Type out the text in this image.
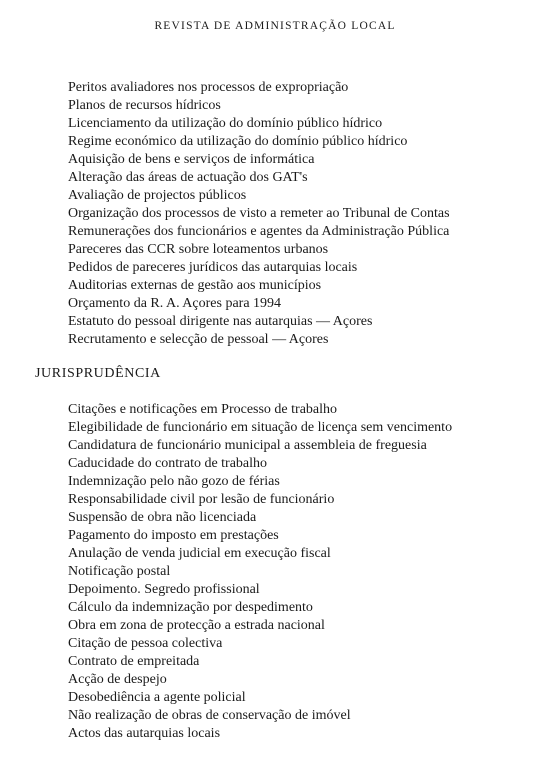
REVISTA DE ADMINISTRAÇÃO LOCAL
Peritos avaliadores nos processos de expropriação
Planos de recursos hídricos
Licenciamento da utilização do domínio público hídrico
Regime económico da utilização do domínio público hídrico
Aquisição de bens e serviços de informática
Alteração das áreas de actuação dos GAT's
Avaliação de projectos públicos
Organização dos processos de visto a remeter ao Tribunal de Contas
Remunerações dos funcionários e agentes da Administração Pública
Pareceres das CCR sobre loteamentos urbanos
Pedidos de pareceres jurídicos das autarquias locais
Auditorias externas de gestão aos municípios
Orçamento da R. A. Açores para 1994
Estatuto do pessoal dirigente nas autarquias — Açores
Recrutamento e selecção de pessoal — Açores
JURISPRUDÊNCIA
Citações e notificações em Processo de trabalho
Elegibilidade de funcionário em situação de licença sem vencimento
Candidatura de funcionário municipal a assembleia de freguesia
Caducidade do contrato de trabalho
Indemnização pelo não gozo de férias
Responsabilidade civil por lesão de funcionário
Suspensão de obra não licenciada
Pagamento do imposto em prestações
Anulação de venda judicial em execução fiscal
Notificação postal
Depoimento. Segredo profissional
Cálculo da indemnização por despedimento
Obra em zona de protecção a estrada nacional
Citação de pessoa colectiva
Contrato de empreitada
Acção de despejo
Desobediência a agente policial
Não realização de obras de conservação de imóvel
Actos das autarquias locais
